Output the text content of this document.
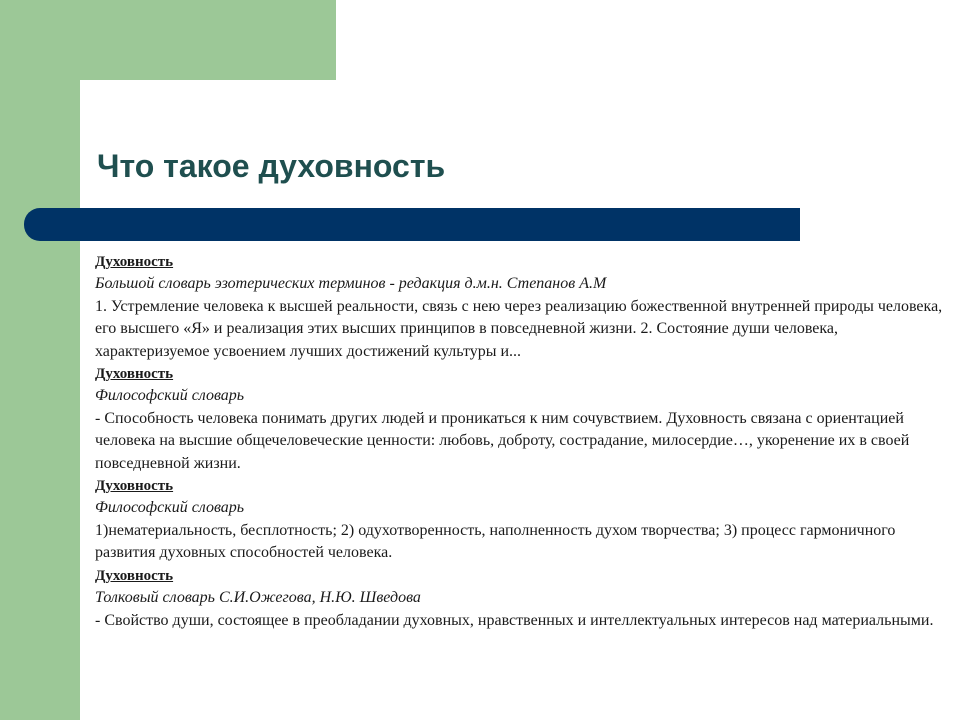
Что такое духовность
Духовность
Большой словарь эзотерических терминов - редакция д.м.н. Степанов А.М
1. Устремление человека к высшей реальности, связь с нею через реализацию божественной внутренней природы человека, его высшего «Я» и реализация этих высших принципов в повседневной жизни. 2. Состояние души человека, характеризуемое усвоением лучших достижений культуры и...
Духовность
Философский словарь
- Способность человека понимать других людей и проникаться к ним сочувствием. Духовность связана с ориентацией человека на высшие общечеловеческие ценности: любовь, доброту, сострадание, милосердие…, укоренение их в своей повседневной жизни.
Духовность
Философский словарь
1)нематериальность, бесплотность; 2) одухотворенность, наполненность духом творчества; 3) процесс гармоничного развития духовных способностей человека.
Духовность
Толковый словарь С.И.Ожегова, Н.Ю. Шведова
- Свойство души, состоящее в преобладании духовных, нравственных и интеллектуальных интересов над материальными.
